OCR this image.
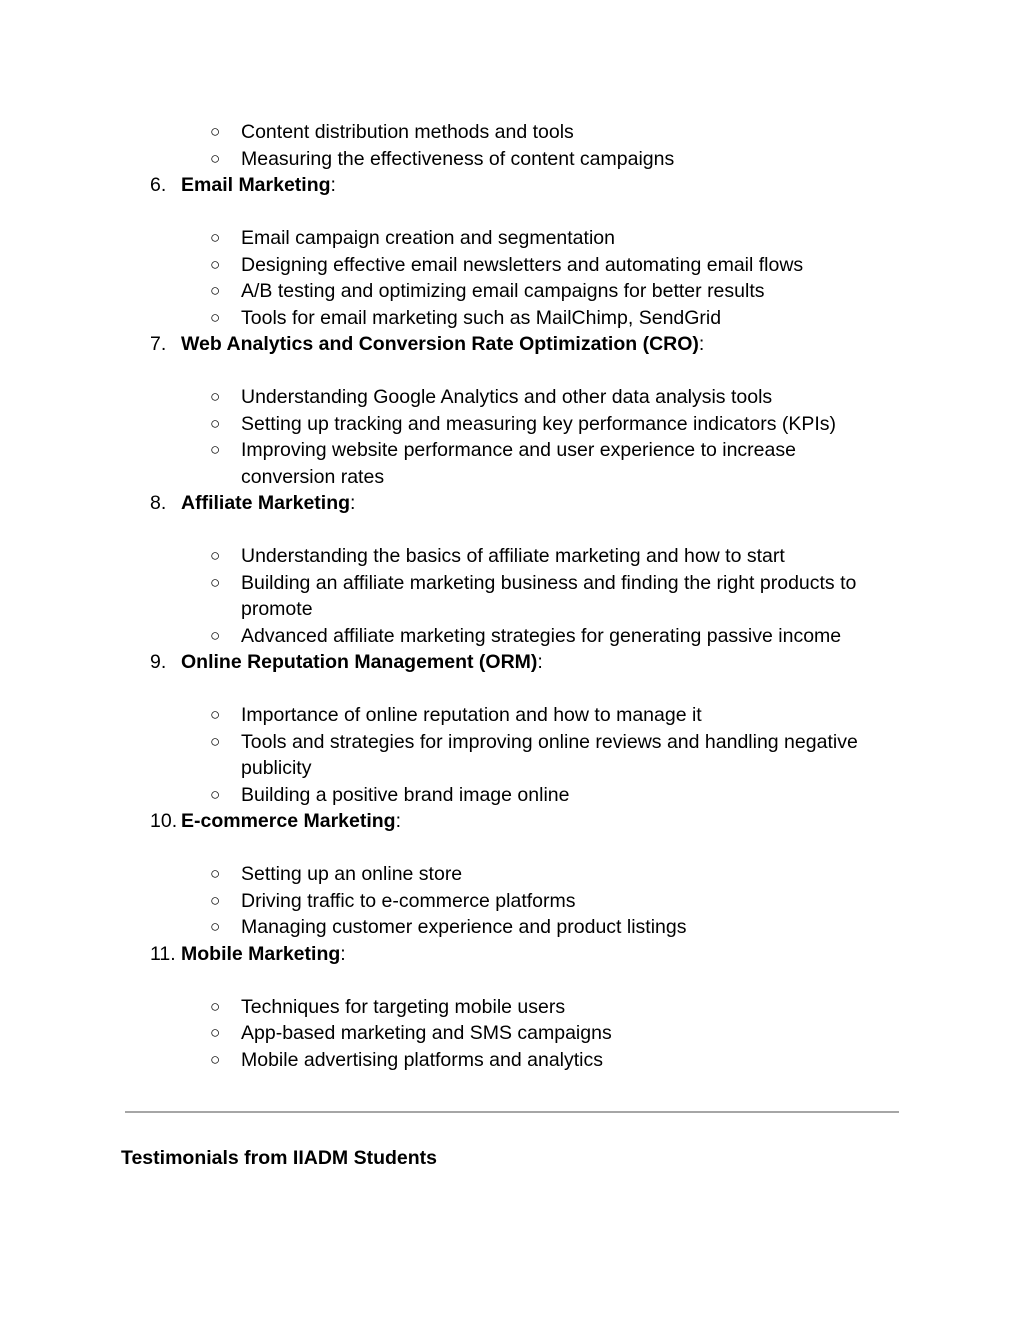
○ Content distribution methods and tools
○ Measuring the effectiveness of content campaigns
6. Email Marketing:
○ Email campaign creation and segmentation
○ Designing effective email newsletters and automating email flows
○ A/B testing and optimizing email campaigns for better results
○ Tools for email marketing such as MailChimp, SendGrid
7. Web Analytics and Conversion Rate Optimization (CRO):
○ Understanding Google Analytics and other data analysis tools
○ Setting up tracking and measuring key performance indicators (KPIs)
○ Improving website performance and user experience to increase
conversion rates
8. Affiliate Marketing:
○ Understanding the basics of affiliate marketing and how to start
○ Building an affiliate marketing business and finding the right products to
promote
○ Advanced affiliate marketing strategies for generating passive income
9. Online Reputation Management (ORM):
○ Importance of online reputation and how to manage it
○ Tools and strategies for improving online reviews and handling negative
publicity
○ Building a positive brand image online
10. E-commerce Marketing:
○ Setting up an online store
○ Driving traffic to e-commerce platforms
○ Managing customer experience and product listings
11. Mobile Marketing:
○ Techniques for targeting mobile users
○ App-based marketing and SMS campaigns
○ Mobile advertising platforms and analytics
Testimonials from IIADM Students
